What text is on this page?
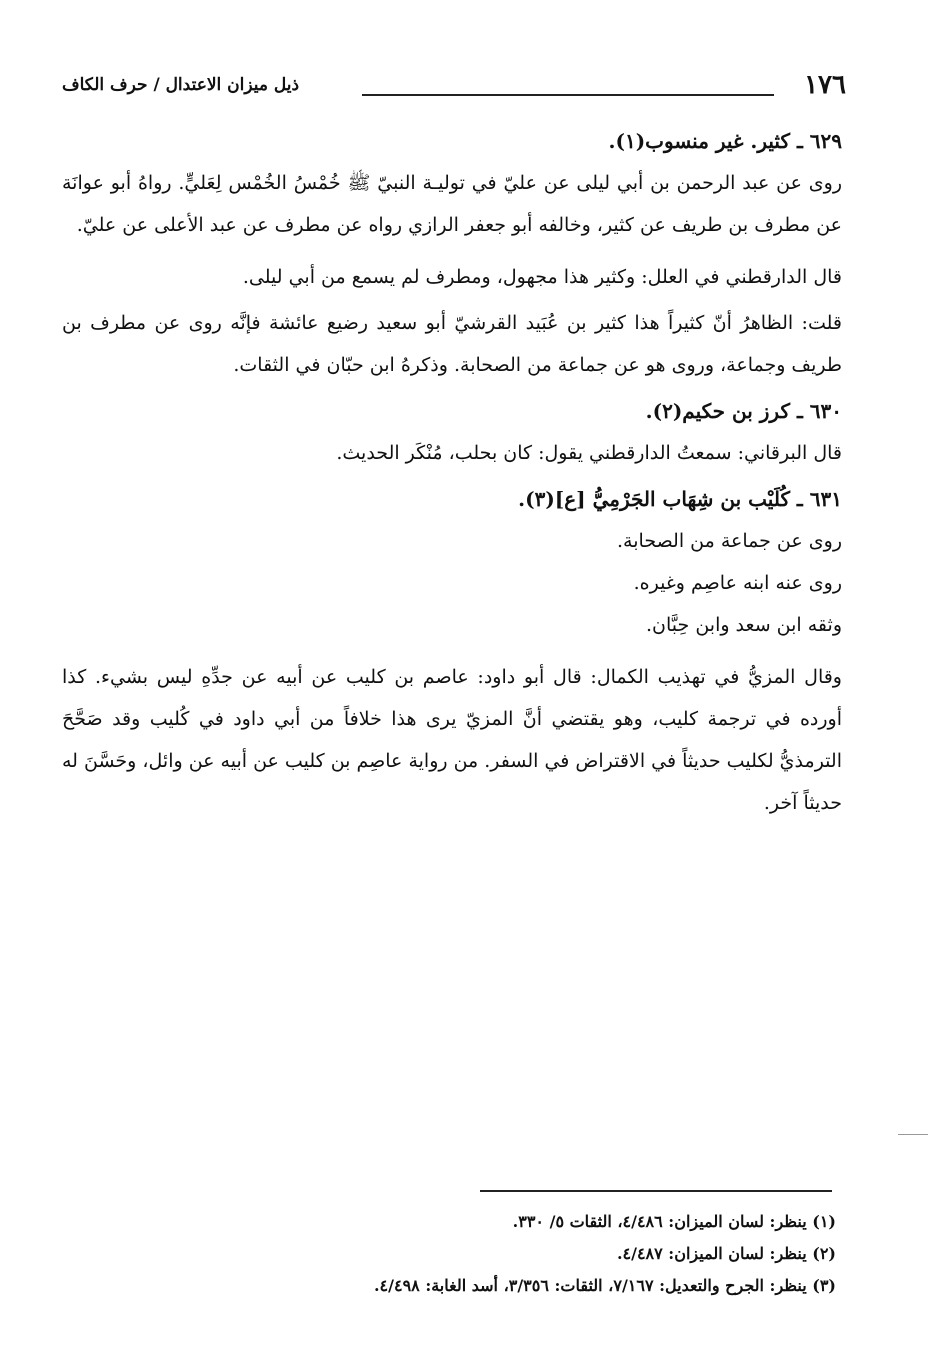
١٧٦
ذيل ميزان الاعتدال / حرف الكاف

٦٢٩ ـ كثير. غير منسوب(١).

روى عن عبد الرحمن بن أبي ليلى عن عليّ في توليـة النبيّ ﷺ خُمْسُ الخُمْس لِعَليٍّ. رواهُ أبو عوانَة عن مطرف بن طريف عن كثير، وخالفه أبو جعفر الرازي رواه عن مطرف عن عبد الأعلى عن عليّ.

قال الدارقطني في العلل: وكثير هذا مجهول، ومطرف لم يسمع من أبي ليلى.

قلت: الظاهرُ أنّ كثيراً هذا كثير بن عُبَيد القرشيّ أبو سعيد رضيع عائشة فإنَّه روى عن مطرف بن طريف وجماعة، وروى هو عن جماعة من الصحابة. وذكرهُ ابن حبّان في الثقات.

٦٣٠ ـ كرز بن حكيم(٢).

قال البرقاني: سمعتُ الدارقطني يقول: كان بحلب، مُنْكَر الحديث.

٦٣١ ـ كُلَيْب بن شِهَاب الجَرْمِيُّ [ع](٣).

روى عن جماعة من الصحابة.

روى عنه ابنه عاصِم وغيره.

وثقه ابن سعد وابن حِبَّان.

وقال المزيُّ في تهذيب الكمال: قال أبو داود: عاصم بن كليب عن أبيه عن جدِّهِ ليس بشيء. كذا أورده في ترجمة كليب، وهو يقتضي أنَّ المزيّ يرى هذا خلافاً من أبي داود في كُليب وقد صَحَّحَ الترمذيُّ لكليب حديثاً في الاقتراض في السفر. من رواية عاصِم بن كليب عن أبيه عن وائل، وحَسَّنَ له حديثاً آخر.

(١) ينظر: لسان الميزان: ٤/٤٨٦، الثقات ٥/ ٣٣٠.

(٢) ينظر: لسان الميزان: ٤/٤٨٧.

(٣) ينظر: الجرح والتعديل: ٧/١٦٧، الثقات: ٣/٣٥٦، أسد الغابة: ٤/٤٩٨.
